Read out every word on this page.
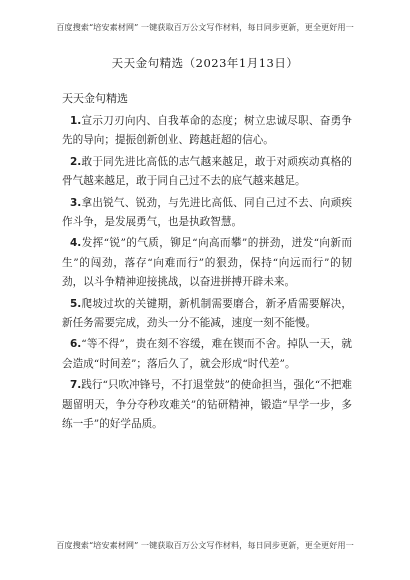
百度搜索“培安素材网” 一键获取百万公文写作材料，每日同步更新，更全更好用一
天天金句精选（2023年1月13日）
天天金句精选

1.宣示刀刃向内、自我革命的态度；树立忠诚尽职、奋勇争先的导向；提振创新创业、跨越赶超的信心。

2.敢于同先进比高低的志气越来越足，敢于对顽疾动真格的骨气越来越足，敢于同自己过不去的底气越来越足。

3.拿出锐气、锐劲，与先进比高低、同自己过不去、向顽疾作斗争，是发展勇气，也是执政智慧。

4.发挥“锐”的气质，铆足“向高而攀”的拼劲，迸发“向新而生”的闯劲，落存“向难而行”的狠劲，保持“向远而行”的韧劲，以斗争精神迎接挑战，以奋进拼搏开辟未来。

5.爬坡过坎的关键期，新机制需要磨合，新矛盾需要解决，新任务需要完成，劲头一分不能减，速度一刻不能慢。

6.“等不得”，贵在刻不容缓，难在锲而不舍。掉队一天，就会造成“时间差”；落后久了，就会形成“时代差”。

7.践行“只吹冲锋号，不打退堂鼓”的使命担当，强化“不把难题留明天，争分夺秒攻难关”的钻研精神，锻造“早学一步，多练一手”的好学品质。

百度搜索“培安素材网” 一键获取百万公文写作材料，每日同步更新，更全更好用一
